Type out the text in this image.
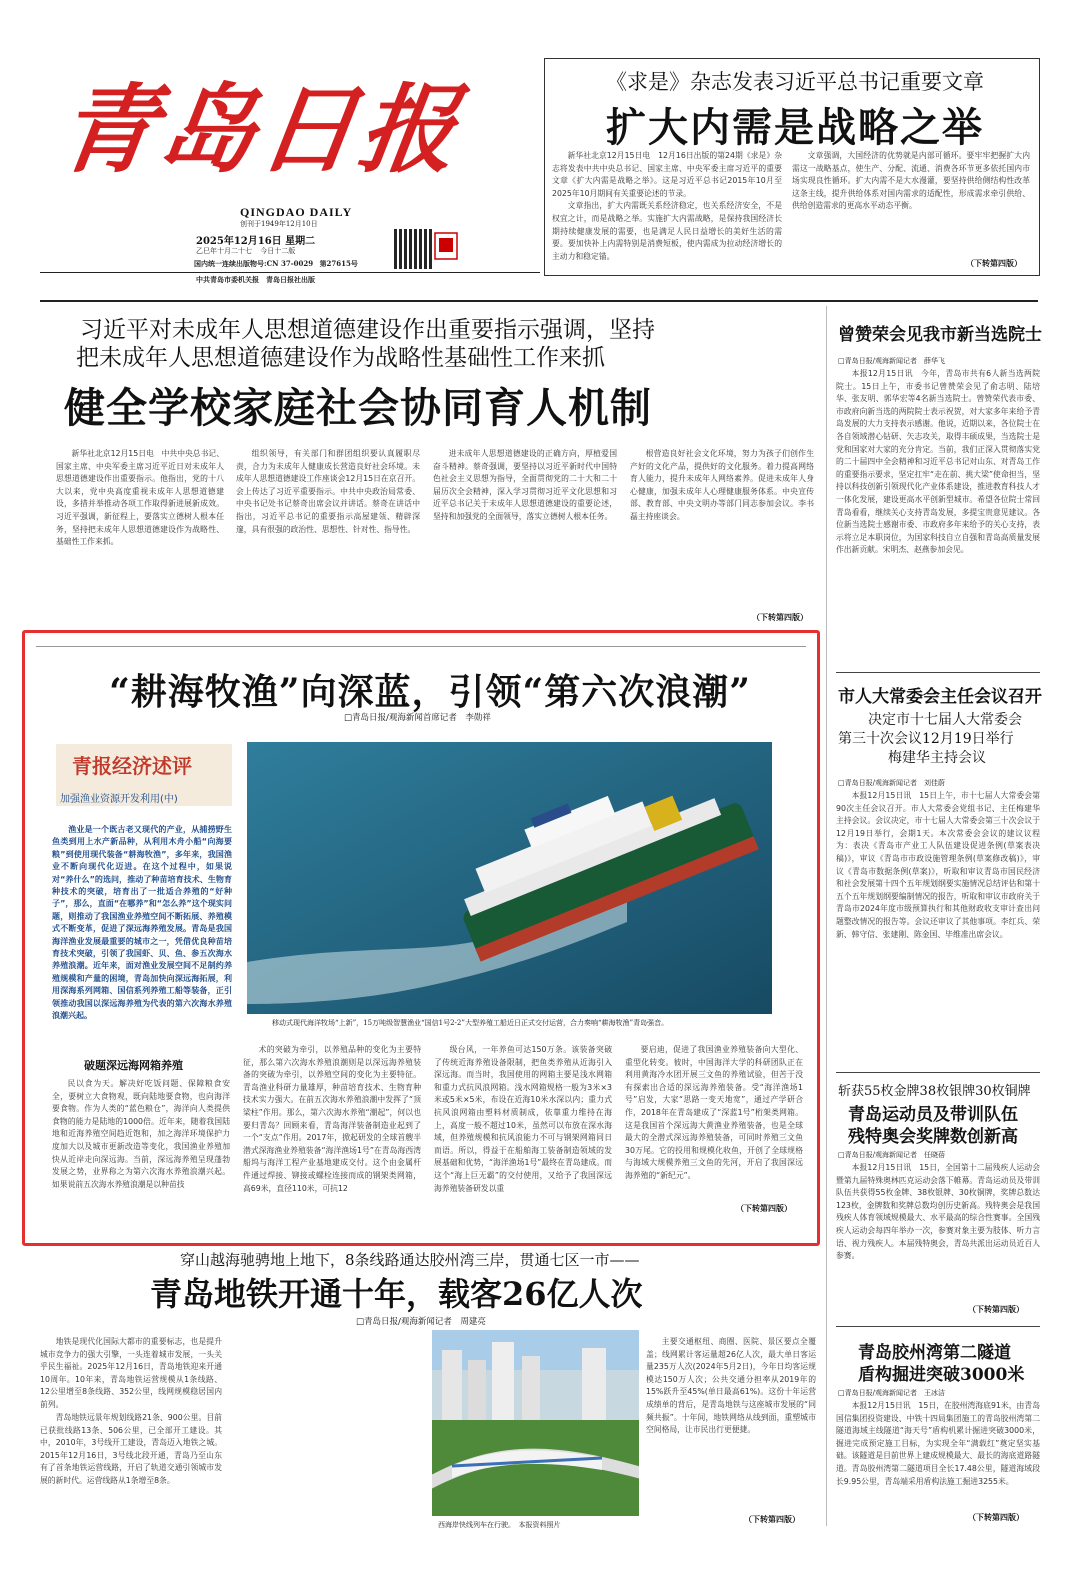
青岛日报
QINGDAO DAILY
创刊于1949年12月10日
2025年12月16日 星期二
乙巳年十月二十七 今日十二版
国内统一连续出版物号:CN 37-0029 第27615号
中共青岛市委机关报　青岛日报社出版
《求是》杂志发表习近平总书记重要文章
扩大内需是战略之举

新华社北京12月15日电　12月16日出版的第24期《求是》杂志将发表中共中央总书记、国家主席、中央军委主席习近平的重要文章《扩大内需是战略之举》。这是习近平总书记2015年10月至2025年10月期间有关重要论述的节录。

文章指出，扩大内需既关系经济稳定，也关系经济安全，不是权宜之计，而是战略之举。实施扩大内需战略，是保持我国经济长期持续健康发展的需要，也是满足人民日益增长的美好生活的需要。要加快补上内需特别是消费短板，使内需成为拉动经济增长的主动力和稳定锚。

文章强调，大国经济的优势就是内部可循环。要牢牢把握扩大内需这一战略基点，使生产、分配、流通、消费各环节更多依托国内市场实现良性循环。扩大内需不是大水漫灌，要坚持供给侧结构性改革这条主线，提升供给体系对国内需求的适配性，形成需求牵引供给、供给创造需求的更高水平动态平衡。

（下转第四版）
习近平对未成年人思想道德建设作出重要指示强调，坚持
把未成年人思想道德建设作为战略性基础性工作来抓
健全学校家庭社会协同育人机制

新华社北京12月15日电　中共中央总书记、国家主席、中央军委主席习近平近日对未成年人思想道德建设作出重要指示。他指出，党的十八大以来，党中央高度重视未成年人思想道德建设，多措并举推动各项工作取得新进展新成效。习近平强调，新征程上，要落实立德树人根本任务，坚持把未成年人思想道德建设作为战略性、基础性工作来抓。

组织领导，有关部门和群团组织要认真履职尽责，合力为未成年人健康成长营造良好社会环境。未成年人思想道德建设工作座谈会12月15日在京召开。会上传达了习近平重要指示。中共中央政治局常委、中央书记处书记蔡奇出席会议并讲话。蔡奇在讲话中指出，习近平总书记的重要指示高屋建瓴、精辟深邃，具有很强的政治性、思想性、针对性、指导性。

进未成年人思想道德建设的正确方向，厚植爱国奋斗精神。蔡奇强调，要坚持以习近平新时代中国特色社会主义思想为指导，全面贯彻党的二十大和二十届历次全会精神，深入学习贯彻习近平文化思想和习近平总书记关于未成年人思想道德建设的重要论述，坚持和加强党的全面领导，落实立德树人根本任务。

根营造良好社会文化环境，努力为孩子们创作生产好的文化产品，提供好的文化服务。着力提高网络育人能力，提升未成年人网络素养。促进未成年人身心健康，加强未成年人心理健康服务体系。中央宣传部、教育部、中央文明办等部门同志参加会议。李书磊主持座谈会。

（下转第四版）
“耕海牧渔”向深蓝，引领“第六次浪潮”
□青岛日报/观海新闻首席记者　李勋祥
青报经济述评
加强渔业资源开发利用(中)
渔业是一个既古老又现代的产业，从捕捞野生鱼类到用上水产新品种，从利用木舟小船“向海要粮”到使用现代装备“耕海牧渔”，多年来，我国渔业不断向现代化迈进。在这个过程中，如果说对“养什么”的选问，推动了种苗培育技术、生物育种技术的突破，培育出了一批适合养殖的“好种子”，那么，直面“在哪养”和“怎么养”这个现实问题，则推动了我国渔业养殖空间不断拓展、养殖模式不断变革，促进了深远海养殖发展。青岛是我国海洋渔业发展最重要的城市之一，凭借优良种苗培育技术突破，引领了我国虾、贝、鱼、参五次海水养殖浪潮。近年来，面对渔业发展空间不足制约养殖规模和产量的困境，青岛加快向深远海拓展，利用深海系列网箱、国信系列养殖工船等装备，正引领推动我国以深远海养殖为代表的第六次海水养殖浪潮兴起。
移动式现代海洋牧场“上新”，15万吨级智慧渔业“国信1号2-2”大型养殖工船近日正式交付运营，合力奏响“耕海牧渔”青岛强音。
破题深远海网箱养殖

民以食为天。解决好吃饭问题、保障粮食安全，要树立大食物观，既向陆地要食物，也向海洋要食物。作为人类的“蓝色粮仓”，海洋向人类提供食物的能力是陆地的1000倍。近年来，随着我国陆地和近海养殖空间趋近饱和，加之海洋环境保护力度加大以及城市更新改造等变化，我国渔业养殖加快从近岸走向深远海。当前，深远海养殖呈现蓬勃发展之势，业界称之为第六次海水养殖浪潮兴起。如果说前五次海水养殖浪潮是以种苗技

术的突破为牵引，以养殖品种的变化为主要特征，那么第六次海水养殖浪潮则是以深远海养殖装备的突破为牵引，以养殖空间的变化为主要特征。青岛渔业科研力量雄厚，种苗培育技术、生物育种技术实力强大。在前五次海水养殖浪潮中发挥了“顶梁柱”作用。那么，第六次海水养殖“潮起”，何以也要归青岛？回顾来看，青岛海洋装备制造业起到了一个“支点”作用。2017年，掀起研发的全球首艘半潜式深海渔业养殖装备“海洋渔场1号”在青岛海西湾船坞与海洋工程产业基地建成交付。这个由金属杆件通过焊接、铆接或螺栓连接而成的钢架类网箱，高69米，直径110米，可抗12

级台风，一年养鱼可达150万条。该装备突破了传统近海养殖设备限制，把鱼类养殖从近海引入深远海。而当时，我国使用的网箱主要是浅水网箱和重力式抗风浪网箱。浅水网箱规格一般为3米×3米或5米×5米，布设在近海10米水深以内；重力式抗风浪网箱由塑料材质制成，依靠重力维持在海上，高度一般不超过10米，虽然可以布放在深水海域，但养殖规模和抗风浪能力不可与钢架网箱同日而语。所以，得益于在船舶海工装备制造领域的发展基础和优势，“海洋渔场1号”最终在青岛建成。而这个“海上巨无霸”的交付使用，又给予了我国深远海养殖装备研发以重

要启迪，促进了我国渔业养殖装备向大型化、重型化转变。彼时，中国海洋大学的科研团队正在利用黄海冷水团开展三文鱼的养殖试验，但苦于没有探索出合适的深远海养殖装备。受“海洋渔场1号”启发，大家“思路一变天地宽”，通过产学研合作，2018年在青岛建成了“深蓝1号”桁架类网箱。这是我国首个深远海大黄渔业养殖装备，也是全球最大的全潜式深远海养殖装备，可同时养殖三文鱼30万尾。它的投用和规模化收鱼，开创了全球规格与海域大规模养殖三文鱼的先河，开启了我国深远海养殖的“新纪元”。

（下转第四版）
穿山越海驰骋地上地下，8条线路通达胶州湾三岸，贯通七区一市——
青岛地铁开通十年，载客26亿人次
□青岛日报/观海新闻记者　周建亮

地铁是现代化国际大都市的重要标志，也是提升城市竞争力的强大引擎，一头连着城市发展，一头关乎民生福祉。2025年12月16日，青岛地铁迎来开通10周年。10年来，青岛地铁运营规模从1条线路、12公里增至8条线路、352公里，线网规模稳居国内前列。

青岛地铁远景年规划线路21条、900公里。目前已获批线路13条、506公里，已全部开工建设。其中，2010年，3号线开工建设，青岛迈入地铁之城。2015年12月16日，3号线北段开通，青岛乃至山东有了首条地铁运营线路，开启了轨道交通引领城市发展的新时代。运营线路从1条增至8条。

西海岸快线列车在行驶。　本报资料照片

主要交通枢纽、商圈、医院、景区要点全覆盖；线网累计客运量超26亿人次，最大单日客运量235万人次(2024年5月2日)，今年日均客运规模达150万人次；公共交通分担率从2019年的15%跃升至45%(单日最高61%)。这份十年运营成绩单的背后，是青岛地铁与这座城市发展的“同频共振”。十年间，地铁网络从线到面，重塑城市空间格局，让市民出行更便捷。

（下转第四版）
曾赞荣会见我市新当选院士
□青岛日报/观海新闻记者　薛华飞

本报12月15日讯　今年，青岛市共有6人新当选两院院士。15日上午，市委书记曾赞荣会见了俞志明、陆培华、张友明、郭华宏等4名新当选院士。曾赞荣代表市委、市政府向新当选的两院院士表示祝贺，对大家多年来给予青岛发展的大力支持表示感谢。他说，近期以来，各位院士在各自领域潜心钻研、矢志攻关，取得丰硕成果，当选院士是党和国家对大家的充分肯定。当前，我们正深入贯彻落实党的二十届四中全会精神和习近平总书记对山东、对青岛工作的重要指示要求，坚定扛牢“走在前、挑大梁”使命担当，坚持以科技创新引领现代化产业体系建设，推进教育科技人才一体化发展，建设更高水平创新型城市。希望各位院士常回青岛看看，继续关心支持青岛发展，多提宝贵意见建议。各位新当选院士感谢市委、市政府多年来给予的关心支持，表示将立足本职岗位，为国家科技自立自强和青岛高质量发展作出新贡献。宋明杰、赵燕参加会见。

市人大常委会主任会议召开
决定市十七届人大常委会
第三十次会议12月19日举行
梅建华主持会议
□青岛日报/观海新闻记者　刘佳蔚

本报12月15日讯　15日上午，市十七届人大常委会第90次主任会议召开。市人大常委会党组书记、主任梅建华主持会议。会议决定，市十七届人大常委会第三十次会议于12月19日举行，会期1天。本次常委会会议的建议议程为：表决《青岛市产业工人队伍建设促进条例(草案表决稿)》，审议《青岛市市政设施管理条例(草案修改稿)》，审议《青岛市数据条例(草案)》，听取和审议青岛市国民经济和社会发展第十四个五年规划纲要实施情况总结评估和第十五个五年规划纲要编制情况的报告，听取和审议市政府关于青岛市2024年度市级预算执行和其他财政收支审计查出问题整改情况的报告等。会议还审议了其他事项。李红兵、荣新、韩守信、张建刚、陈金国、毕维准出席会议。

斩获55枚金牌38枚银牌30枚铜牌
青岛运动员及带训队伍
残特奥会奖牌数创新高
□青岛日报/观海新闻记者　任晓蓓

本报12月15日讯　15日，全国第十二届残疾人运动会暨第九届特殊奥林匹克运动会落下帷幕。青岛运动员及带训队伍共获得55枚金牌、38枚银牌、30枚铜牌，奖牌总数达123枚，金牌数和奖牌总数均创历史新高。残特奥会是我国残疾人体育领域规模最大、水平最高的综合性赛事。全国残疾人运动会每四年举办一次，参赛对象主要为肢体、听力言语、视力残疾人。本届残特奥会，青岛共派出运动员近百人参赛。

（下转第四版）
青岛胶州湾第二隧道
盾构掘进突破3000米
□青岛日报/观海新闻记者　王冰洁

本报12月15日讯　15日，在胶州湾海底91米，由青岛国信集团投资建设、中铁十四局集团施工的青岛胶州湾第二隧道海域主线隧道“海天号”盾构机累计掘进突破3000米，掘进完成预定施工目标，为实现全年“满载红”奠定坚实基础。该隧道是目前世界上建成规模最大、最长的海底道路隧道。青岛胶州湾第二隧道项目全长17.48公里，隧道海域段长9.95公里，青岛端采用盾构法施工掘进3255米。

（下转第四版）
